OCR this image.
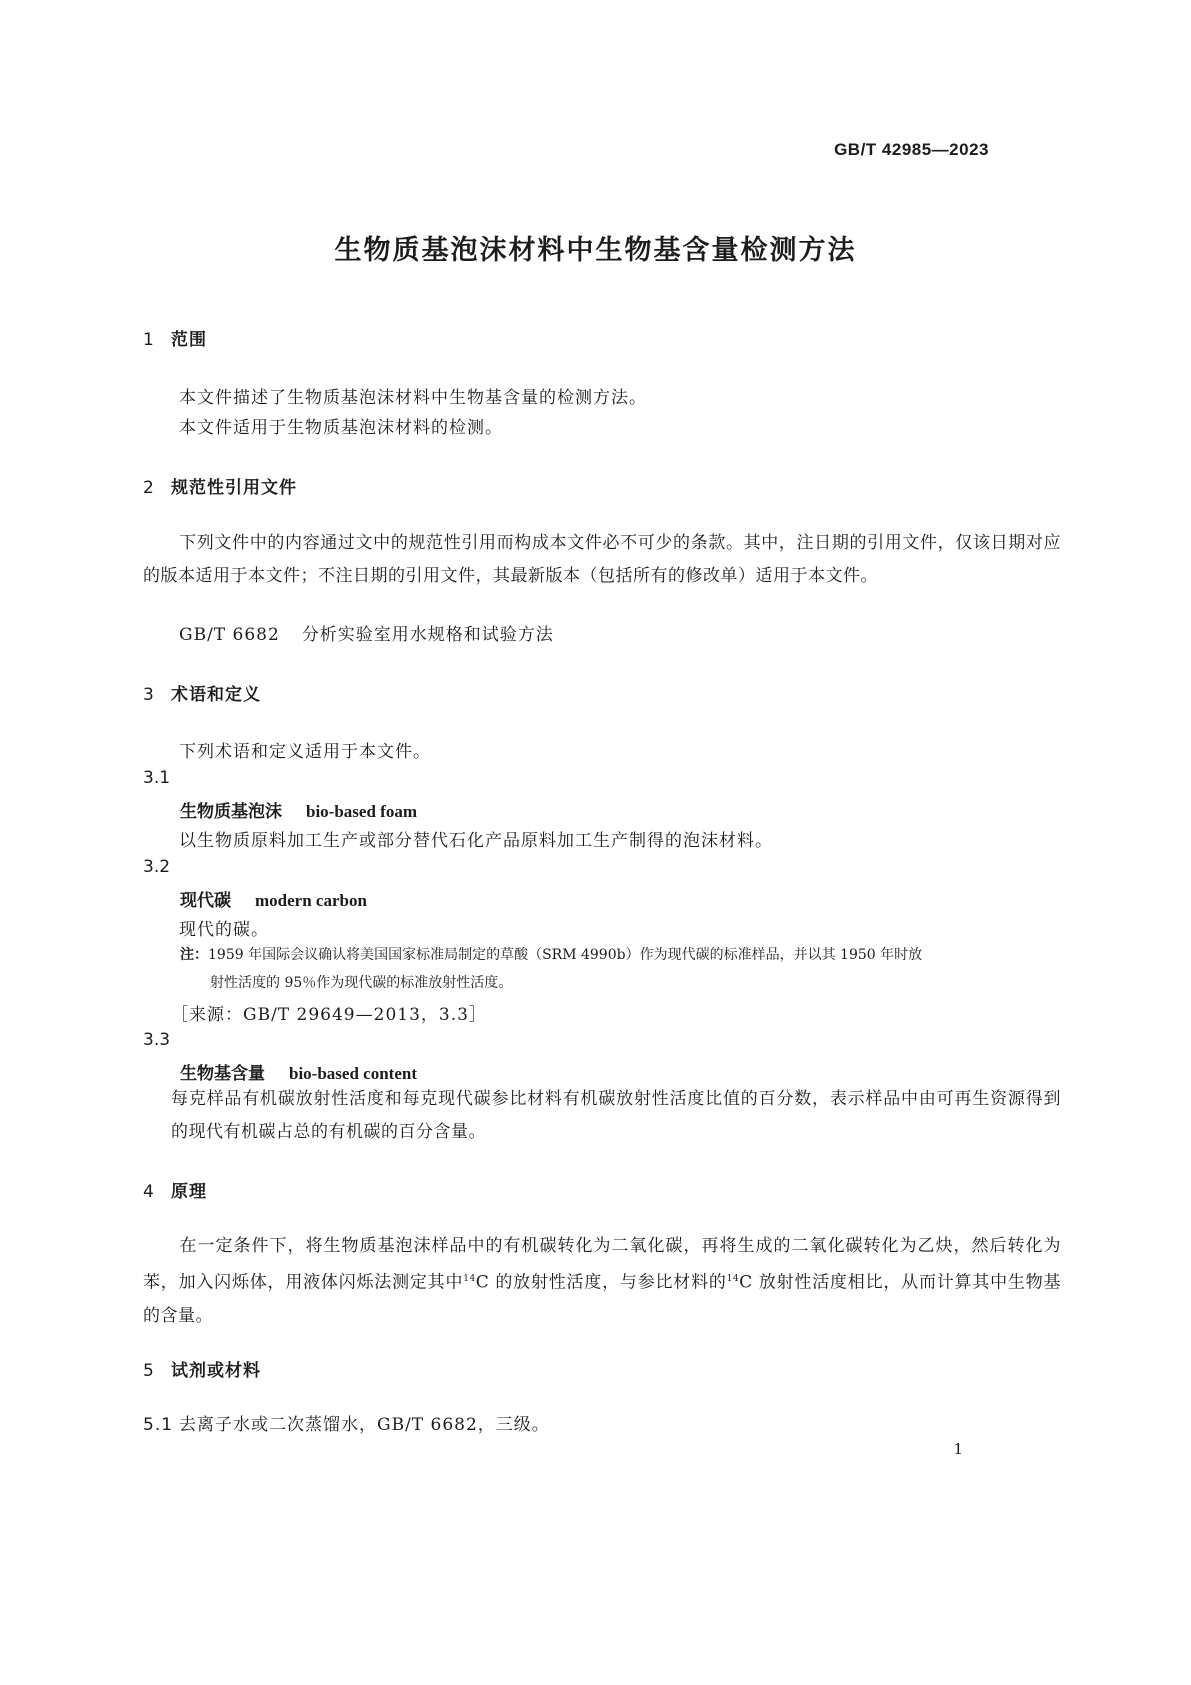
GB/T 42985—2023
生物质基泡沫材料中生物基含量检测方法
1 范围
本文件描述了生物质基泡沫材料中生物基含量的检测方法。
本文件适用于生物质基泡沫材料的检测。
2 规范性引用文件
下列文件中的内容通过文中的规范性引用而构成本文件必不可少的条款。其中，注日期的引用文件，仅该日期对应的版本适用于本文件；不注日期的引用文件，其最新版本（包括所有的修改单）适用于本文件。
GB/T 6682 分析实验室用水规格和试验方法
3 术语和定义
下列术语和定义适用于本文件。
3.1
生物质基泡沫 bio-based foam
以生物质原料加工生产或部分替代石化产品原料加工生产制得的泡沫材料。
3.2
现代碳 modern carbon
现代的碳。
注：1959 年国际会议确认将美国国家标准局制定的草酸（SRM 4990b）作为现代碳的标准样品，并以其 1950 年时放
射性活度的 95％作为现代碳的标准放射性活度。
［来源：GB/T 29649—2013，3.3］
3.3
生物基含量 bio-based content
每克样品有机碳放射性活度和每克现代碳参比材料有机碳放射性活度比值的百分数，表示样品中由可再生资源得到的现代有机碳占总的有机碳的百分含量。
4 原理
在一定条件下，将生物质基泡沫样品中的有机碳转化为二氧化碳，再将生成的二氧化碳转化为乙炔，然后转化为苯，加入闪烁体，用液体闪烁法测定其中$^{14}$C 的放射性活度，与参比材料的$^{14}$C 放射性活度相比，从而计算其中生物基的含量。
5 试剂或材料
5.1 去离子水或二次蒸馏水，GB/T 6682，三级。
1
